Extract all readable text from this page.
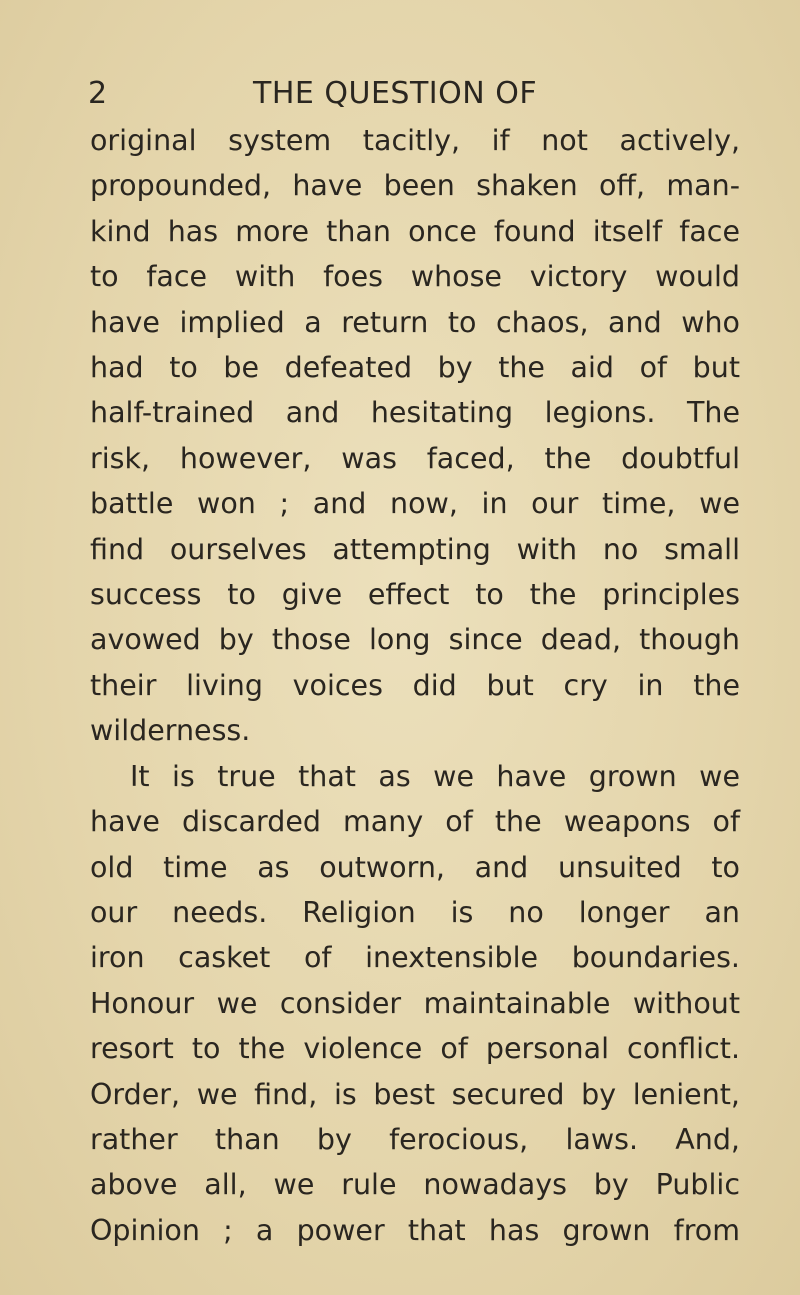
2	THE QUESTION OF
original system tacitly, if not actively,
propounded, have been shaken off, man-
kind has more than once found itself face
to face with foes whose victory would
have implied a return to chaos, and who
had to be defeated by the aid of but
half-trained and hesitating legions. The
risk, however, was faced, the doubtful
battle won ; and now, in our time, we
find ourselves attempting with no small
success to give effect to the principles
avowed by those long since dead, though
their living voices did but cry in the
wilderness.
It is true that as we have grown we
have discarded many of the weapons of
old time as outworn, and unsuited to
our needs. Religion is no longer an
iron casket of inextensible boundaries.
Honour we consider maintainable without
resort to the violence of personal conflict.
Order, we find, is best secured by lenient,
rather than by ferocious, laws. And,
above all, we rule nowadays by Public
Opinion ; a power that has grown from
